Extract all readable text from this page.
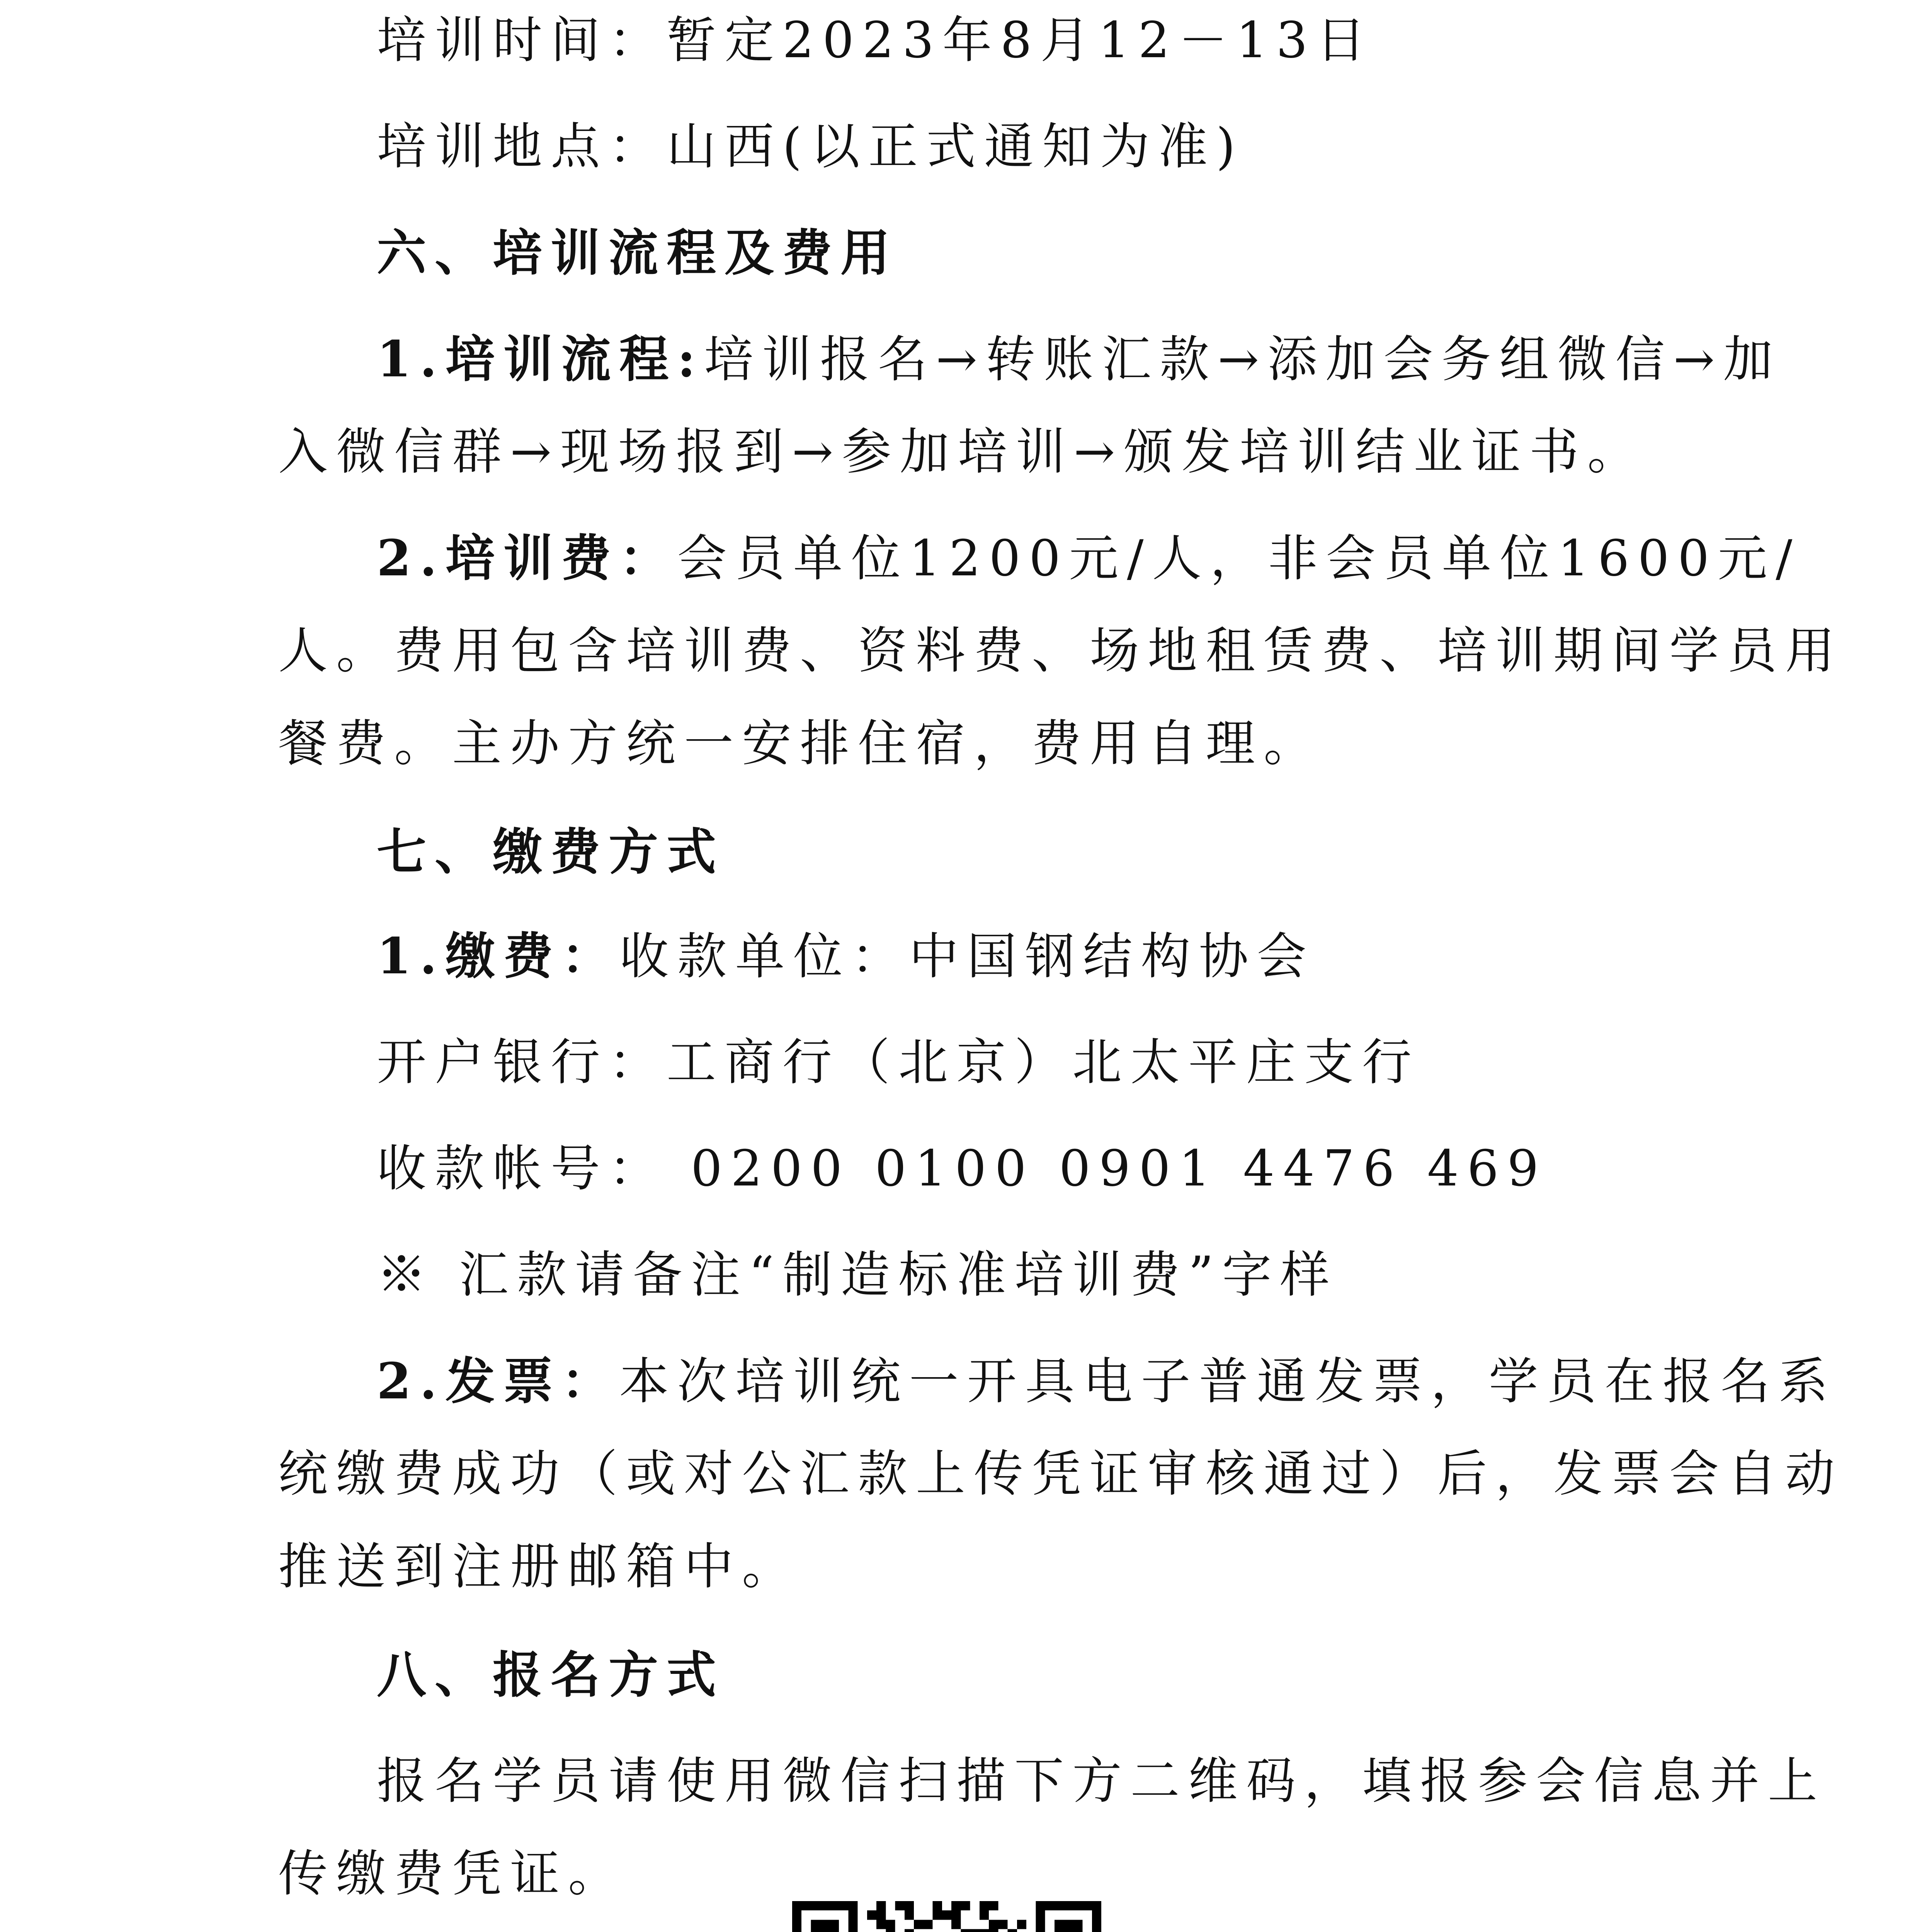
培训时间：暂定2023年8月12－13日
培训地点：山西(以正式通知为准)
六、培训流程及费用
1.培训流程:培训报名→转账汇款→添加会务组微信→加
入微信群→现场报到→参加培训→颁发培训结业证书。
2.培训费：会员单位1200元/人，非会员单位1600元/
人。费用包含培训费、资料费、场地租赁费、培训期间学员用
餐费。主办方统一安排住宿，费用自理。
七、缴费方式
1.缴费：收款单位：中国钢结构协会
开户银行：工商行（北京）北太平庄支行
收款帐号： 0200 0100 0901 4476 469
※ 汇款请备注“制造标准培训费”字样
2.发票：本次培训统一开具电子普通发票，学员在报名系
统缴费成功（或对公汇款上传凭证审核通过）后，发票会自动
推送到注册邮箱中。
八、报名方式
报名学员请使用微信扫描下方二维码，填报参会信息并上
传缴费凭证。
